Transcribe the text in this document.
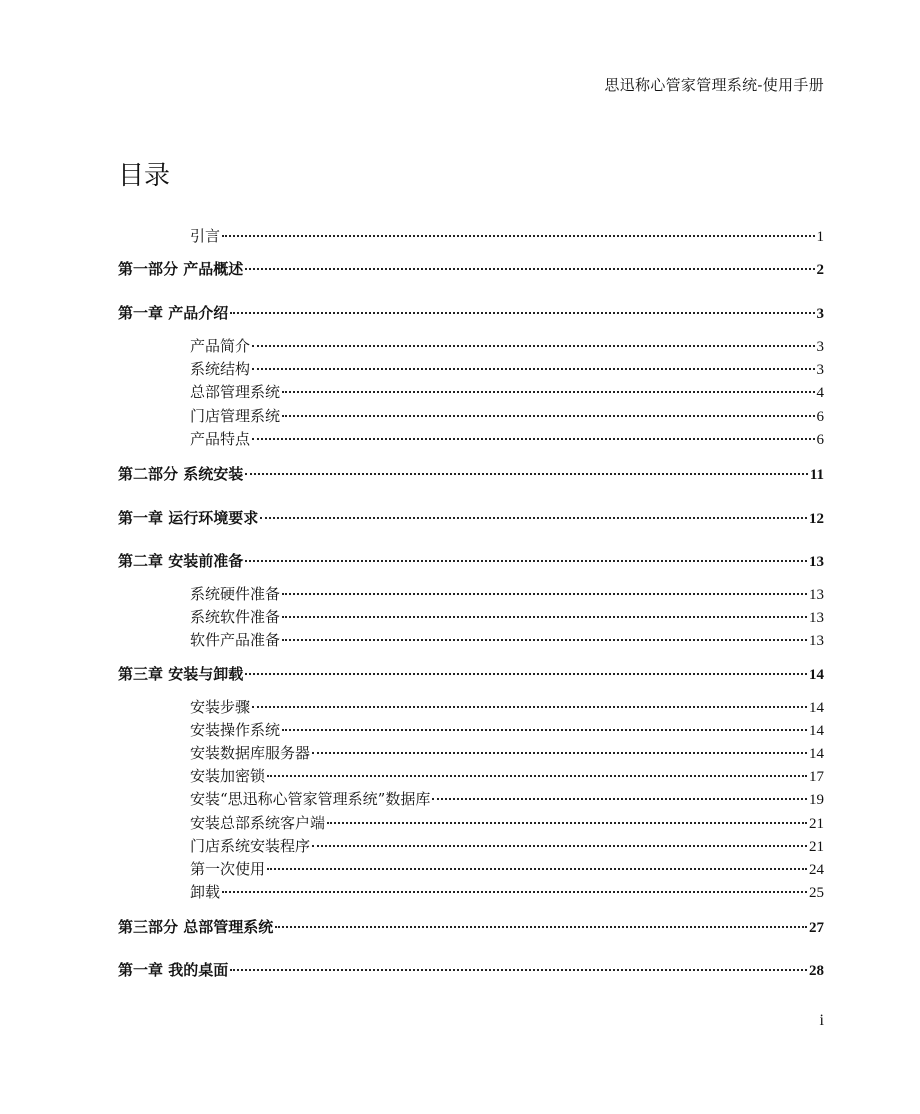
思迅称心管家管理系统-使用手册
目录
引言	1
第一部分 产品概述	2
第一章 产品介绍	3
产品简介	3
系统结构	3
总部管理系统	4
门店管理系统	6
产品特点	6
第二部分 系统安装	11
第一章 运行环境要求	12
第二章 安装前准备	13
系统硬件准备	13
系统软件准备	13
软件产品准备	13
第三章 安装与卸载	14
安装步骤	14
安装操作系统	14
安装数据库服务器	14
安装加密锁	17
安装“思迅称心管家管理系统”数据库	19
安装总部系统客户端	21
门店系统安装程序	21
第一次使用	24
卸载	25
第三部分 总部管理系统	27
第一章 我的桌面	28
i
